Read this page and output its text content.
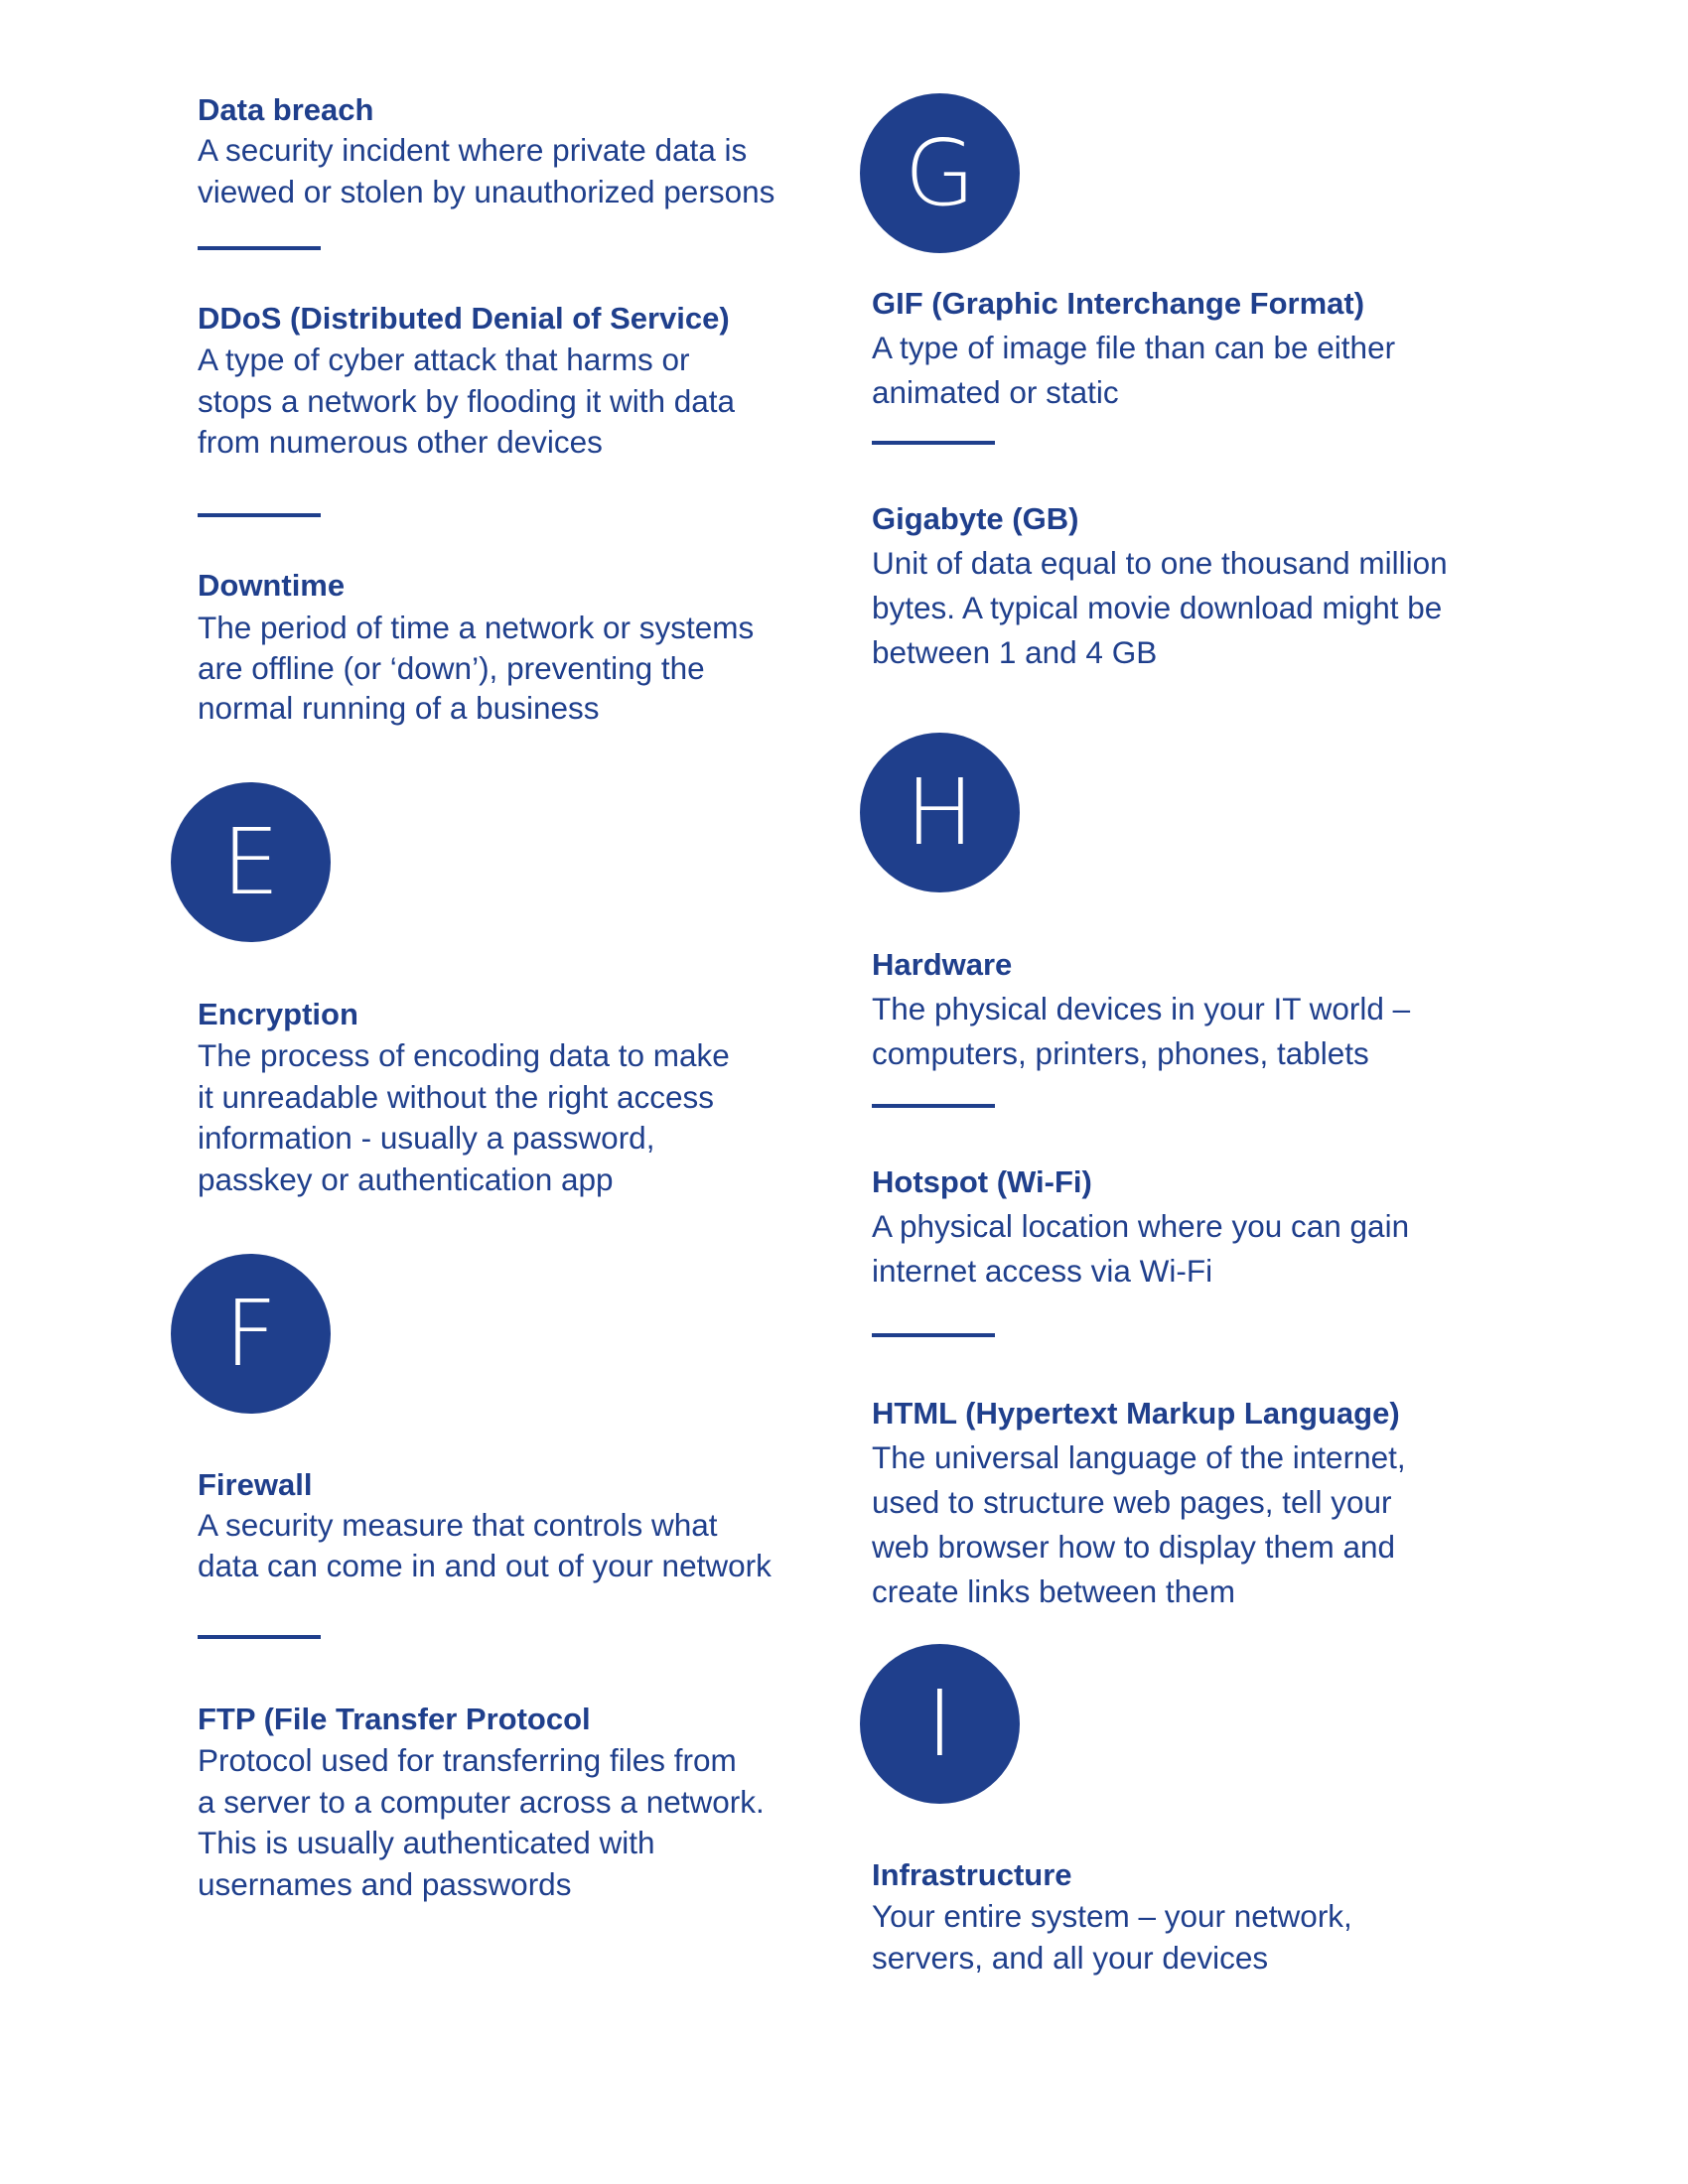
Data breach
A security incident where private data is
viewed or stolen by unauthorized persons
DDoS (Distributed Denial of Service)
A type of cyber attack that harms or
stops a network by flooding it with data
from numerous other devices
Downtime
The period of time a network or systems
are offline (or ‘down’), preventing the
normal running of a business
E
Encryption
The process of encoding data to make
it unreadable without the right access
information - usually a password,
passkey or authentication app
F
Firewall
A security measure that controls what
data can come in and out of your network
FTP (File Transfer Protocol
Protocol used for transferring files from
a server to a computer across a network.
This is usually authenticated with
usernames and passwords
G
GIF (Graphic Interchange Format)
A type of image file than can be either
animated or static
Gigabyte (GB)
Unit of data equal to one thousand million
bytes. A typical movie download might be
between 1 and 4 GB
H
Hardware
The physical devices in your IT world –
computers, printers, phones, tablets
Hotspot (Wi-Fi)
A physical location where you can gain
internet access via Wi-Fi
HTML (Hypertext Markup Language)
The universal language of the internet,
used to structure web pages, tell your
web browser how to display them and
create links between them
I
Infrastructure
Your entire system – your network,
servers, and all your devices
